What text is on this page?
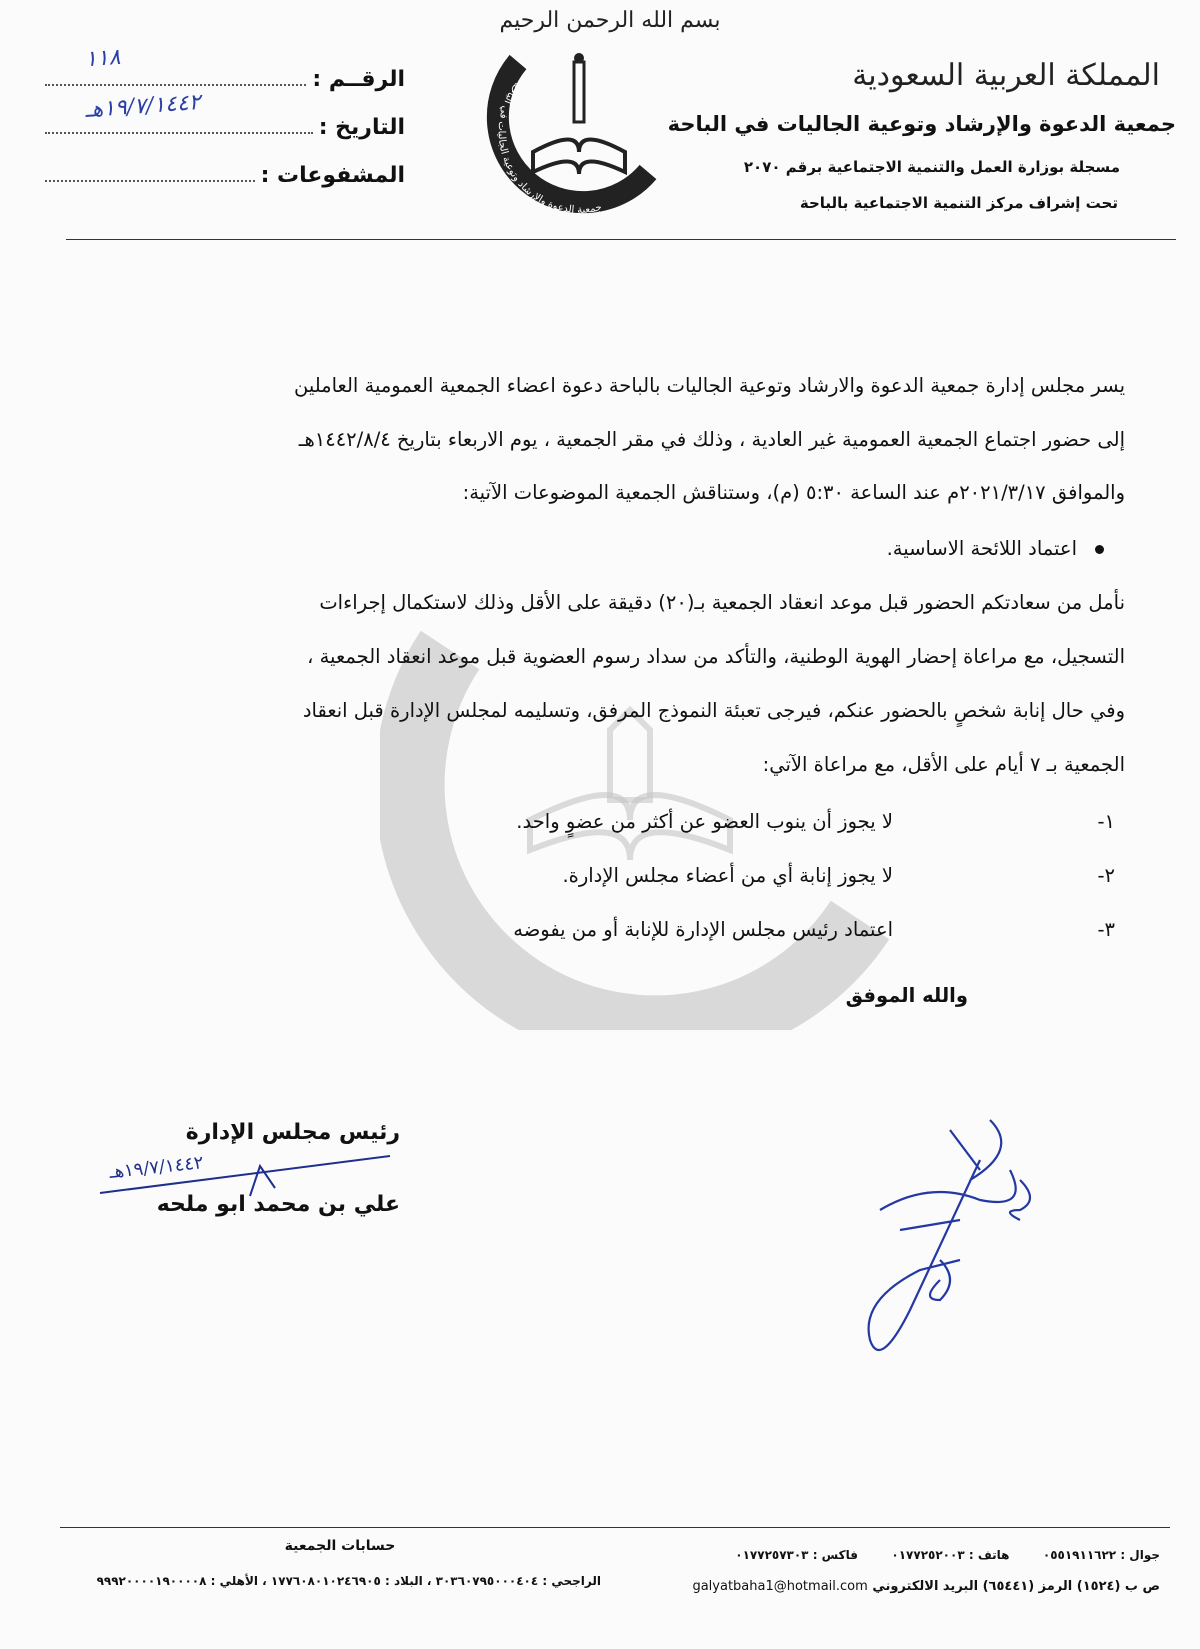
بسم الله الرحمن الرحيم
المملكة العربية السعودية
جمعية الدعوة والإرشاد وتوعية الجاليات في الباحة
مسجلة بوزارة العمل والتنمية الاجتماعية برقم ٢٠٧٠
تحت إشراف مركز التنمية الاجتماعية بالباحة
جمعية الدعوة والإرشاد وتوعية الجاليات في الباحة
الرقــم :
١١٨
التاريخ :
١٩/٧/١٤٤٢هـ
المشفوعات :
يسر مجلس إدارة جمعية الدعوة والارشاد وتوعية الجاليات بالباحة دعوة اعضاء الجمعية العمومية العاملين
إلى حضور اجتماع الجمعية العمومية غير العادية ، وذلك في مقر الجمعية ، يوم الاربعاء بتاريخ ١٤٤٢/٨/٤هـ
والموافق ٢٠٢١/٣/١٧م عند الساعة ٥:٣٠ (م)، وستناقش الجمعية الموضوعات الآتية:
اعتماد اللائحة الاساسية.
نأمل من سعادتكم الحضور قبل موعد انعقاد الجمعية بـ(٢٠) دقيقة على الأقل وذلك لاستكمال إجراءات
التسجيل، مع مراعاة إحضار الهوية الوطنية، والتأكد من سداد رسوم العضوية قبل موعد انعقاد الجمعية ،
وفي حال إنابة شخصٍ بالحضور عنكم، فيرجى تعبئة النموذج المرفق، وتسليمه لمجلس الإدارة قبل انعقاد
الجمعية بـ ٧ أيام على الأقل، مع مراعاة الآتي:
١-
لا يجوز أن ينوب العضو عن أكثر من عضوٍ واحد.
٢-
لا يجوز إنابة أي من أعضاء مجلس الإدارة.
٣-
اعتماد رئيس مجلس الإدارة للإنابة أو من يفوضه
والله الموفق
رئيس مجلس الإدارة
١٩/٧/١٤٤٢هـ
علي بن محمد ابو ملحه
حسابات الجمعية
الراجحي : ٣٠٣٦٠٧٩٥٠٠٠٤٠٤ ، البلاد : ١٧٧٦٠٨٠١٠٢٤٦٩٠٥ ، الأهلي : ٩٩٩٢٠٠٠٠١٩٠٠٠٠٨
جوال : ٠٥٥١٩١١٦٢٢        هاتف : ٠١٧٧٢٥٢٠٠٣        فاكس : ٠١٧٧٢٥٧٣٠٣
ص ب (١٥٢٤) الرمز (٦٥٤٤١) البريد الالكتروني galyatbaha1@hotmail.com
